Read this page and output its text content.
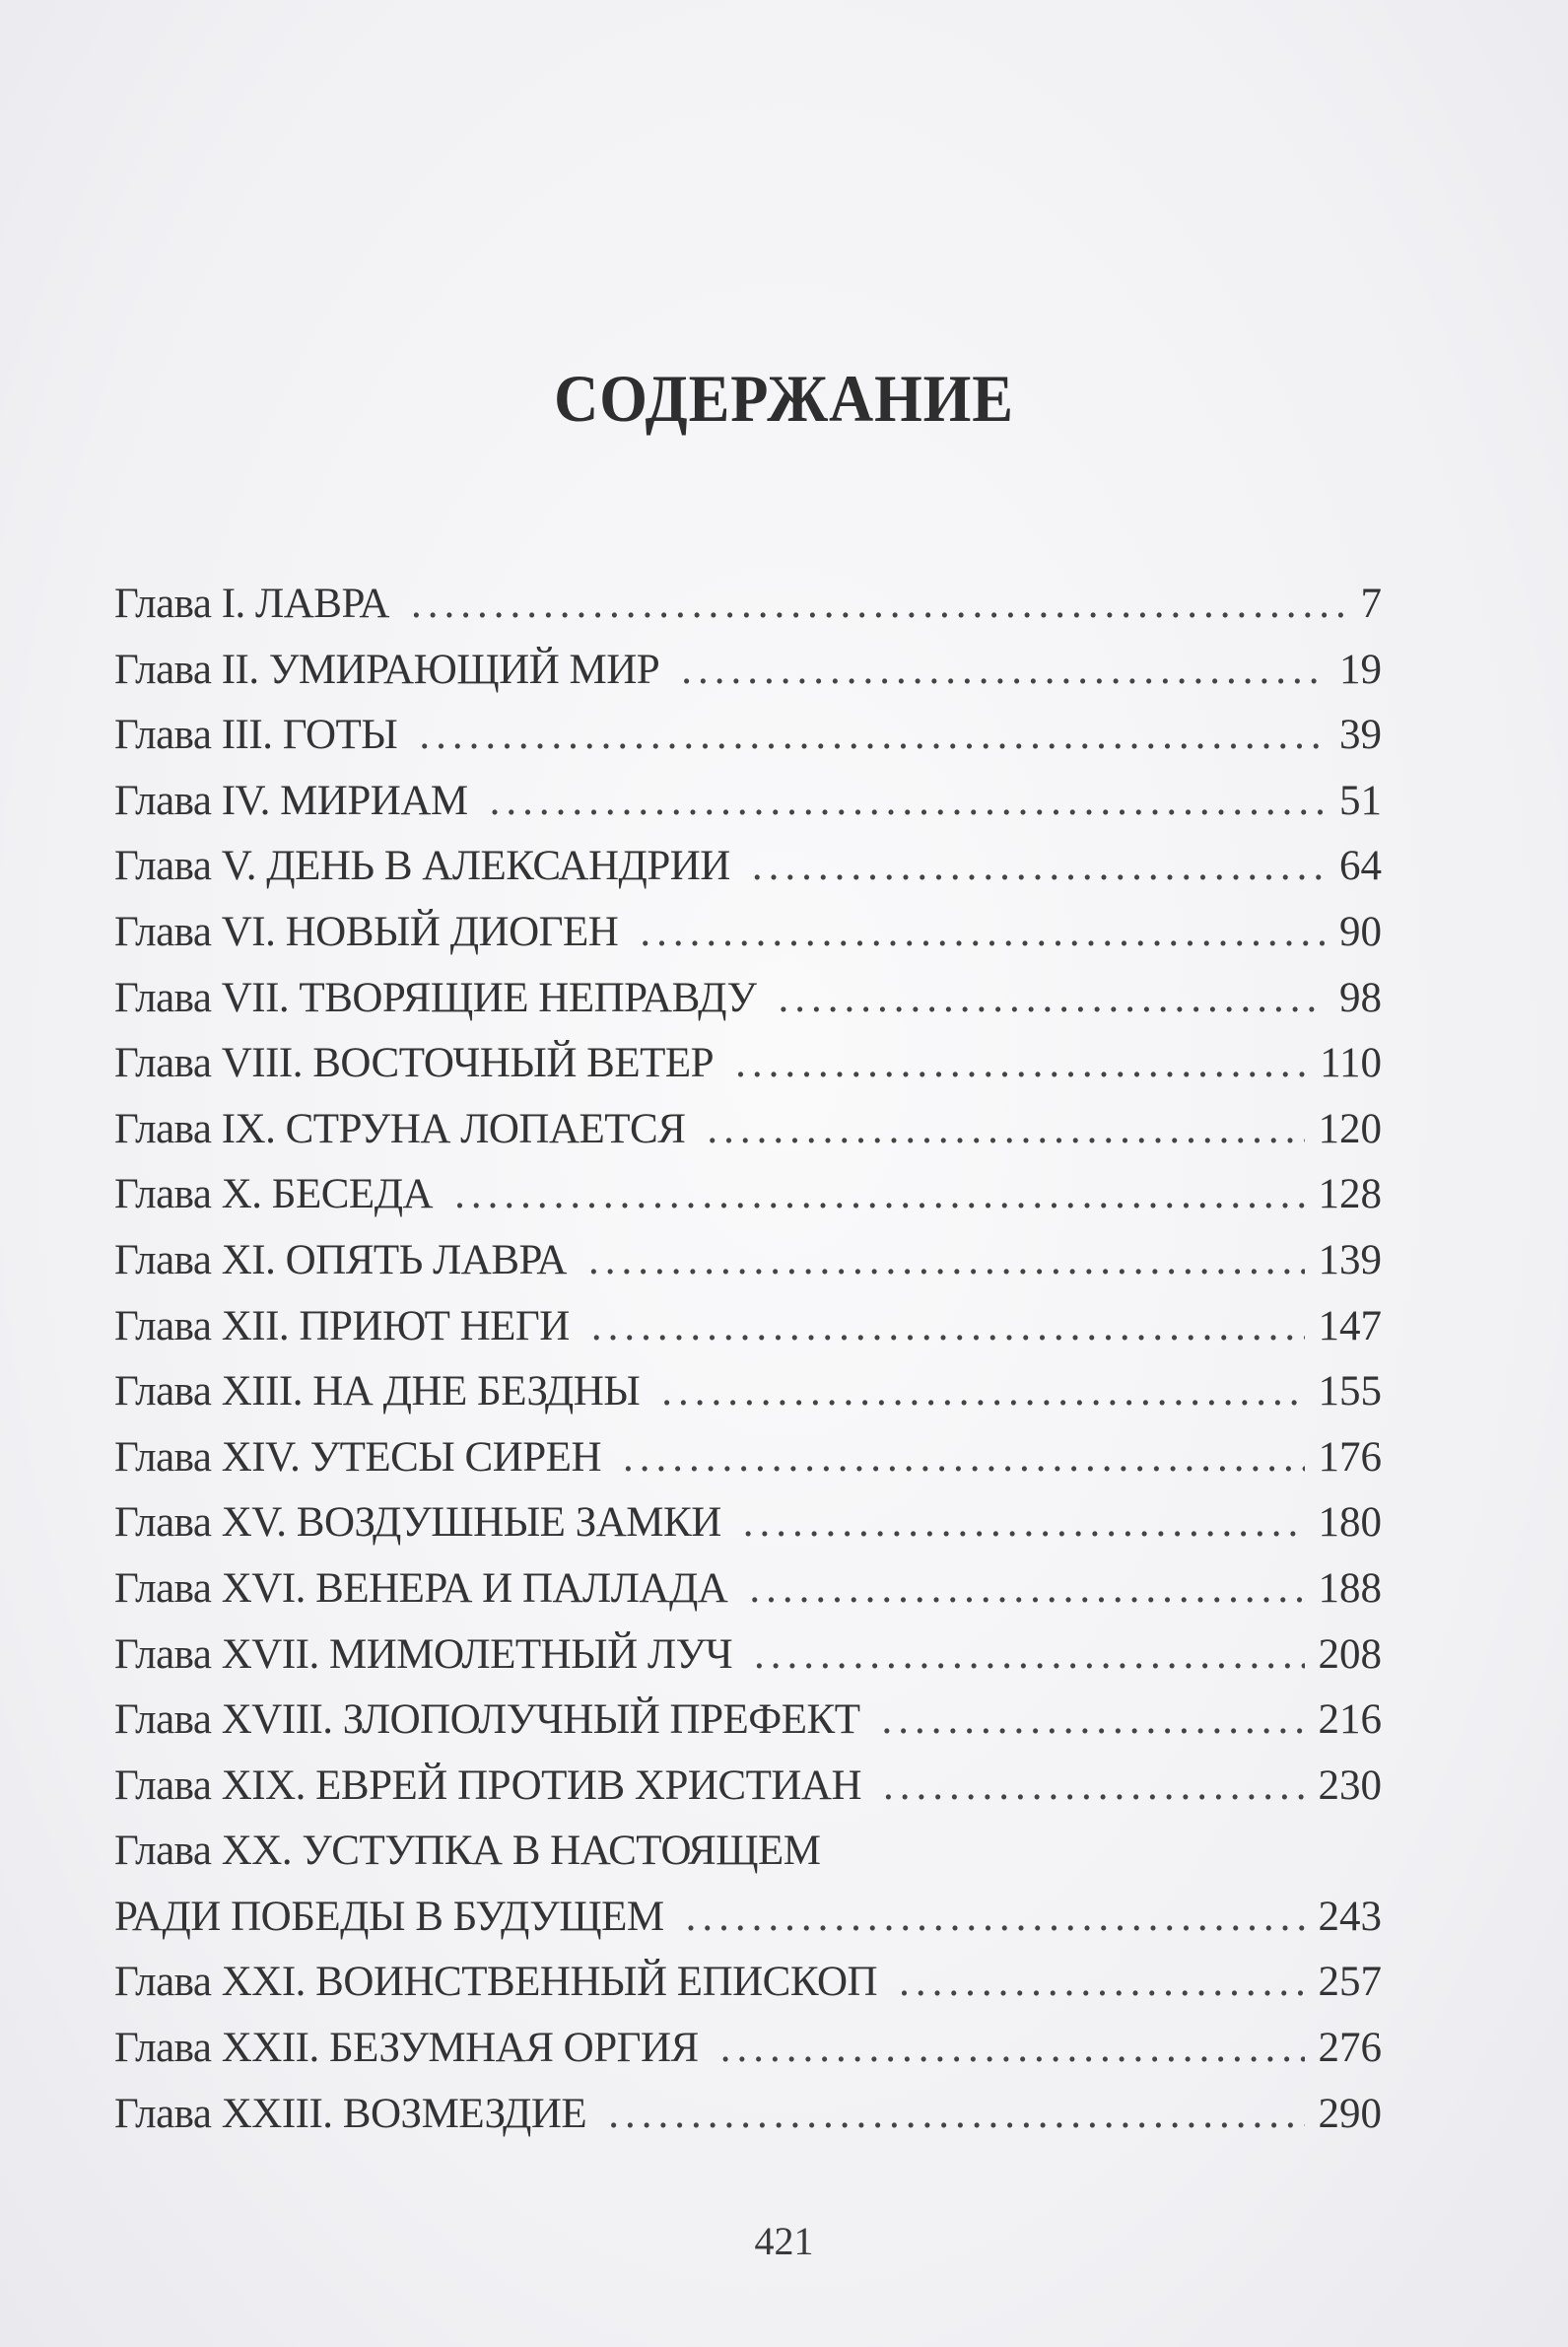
СОДЕРЖАНИЕ
Глава I. ЛАВРА .....	7
Глава II. УМИРАЮЩИЙ МИР .....	19
Глава III. ГОТЫ .....	39
Глава IV. МИРИАМ .....	51
Глава V. ДЕНЬ В АЛЕКСАНДРИИ .....	64
Глава VI. НОВЫЙ ДИОГЕН .....	90
Глава VII. ТВОРЯЩИЕ НЕПРАВДУ .....	98
Глава VIII. ВОСТОЧНЫЙ ВЕТЕР .....	110
Глава IX. СТРУНА ЛОПАЕТСЯ .....	120
Глава X. БЕСЕДА .....	128
Глава XI. ОПЯТЬ ЛАВРА .....	139
Глава XII. ПРИЮТ НЕГИ .....	147
Глава XIII. НА ДНЕ БЕЗДНЫ .....	155
Глава XIV. УТЕСЫ СИРЕН .....	176
Глава XV. ВОЗДУШНЫЕ ЗАМКИ .....	180
Глава XVI. ВЕНЕРА И ПАЛЛАДА .....	188
Глава XVII. МИМОЛЕТНЫЙ ЛУЧ .....	208
Глава XVIII. ЗЛОПОЛУЧНЫЙ ПРЕФЕКТ .....	216
Глава XIX. ЕВРЕЙ ПРОТИВ ХРИСТИАН .....	230
Глава XX. УСТУПКА В НАСТОЯЩЕМ
РАДИ ПОБЕДЫ В БУДУЩЕМ .....	243
Глава XXI. ВОИНСТВЕННЫЙ ЕПИСКОП .....	257
Глава XXII. БЕЗУМНАЯ ОРГИЯ .....	276
Глава XXIII. ВОЗМЕЗДИЕ .....	290
421
